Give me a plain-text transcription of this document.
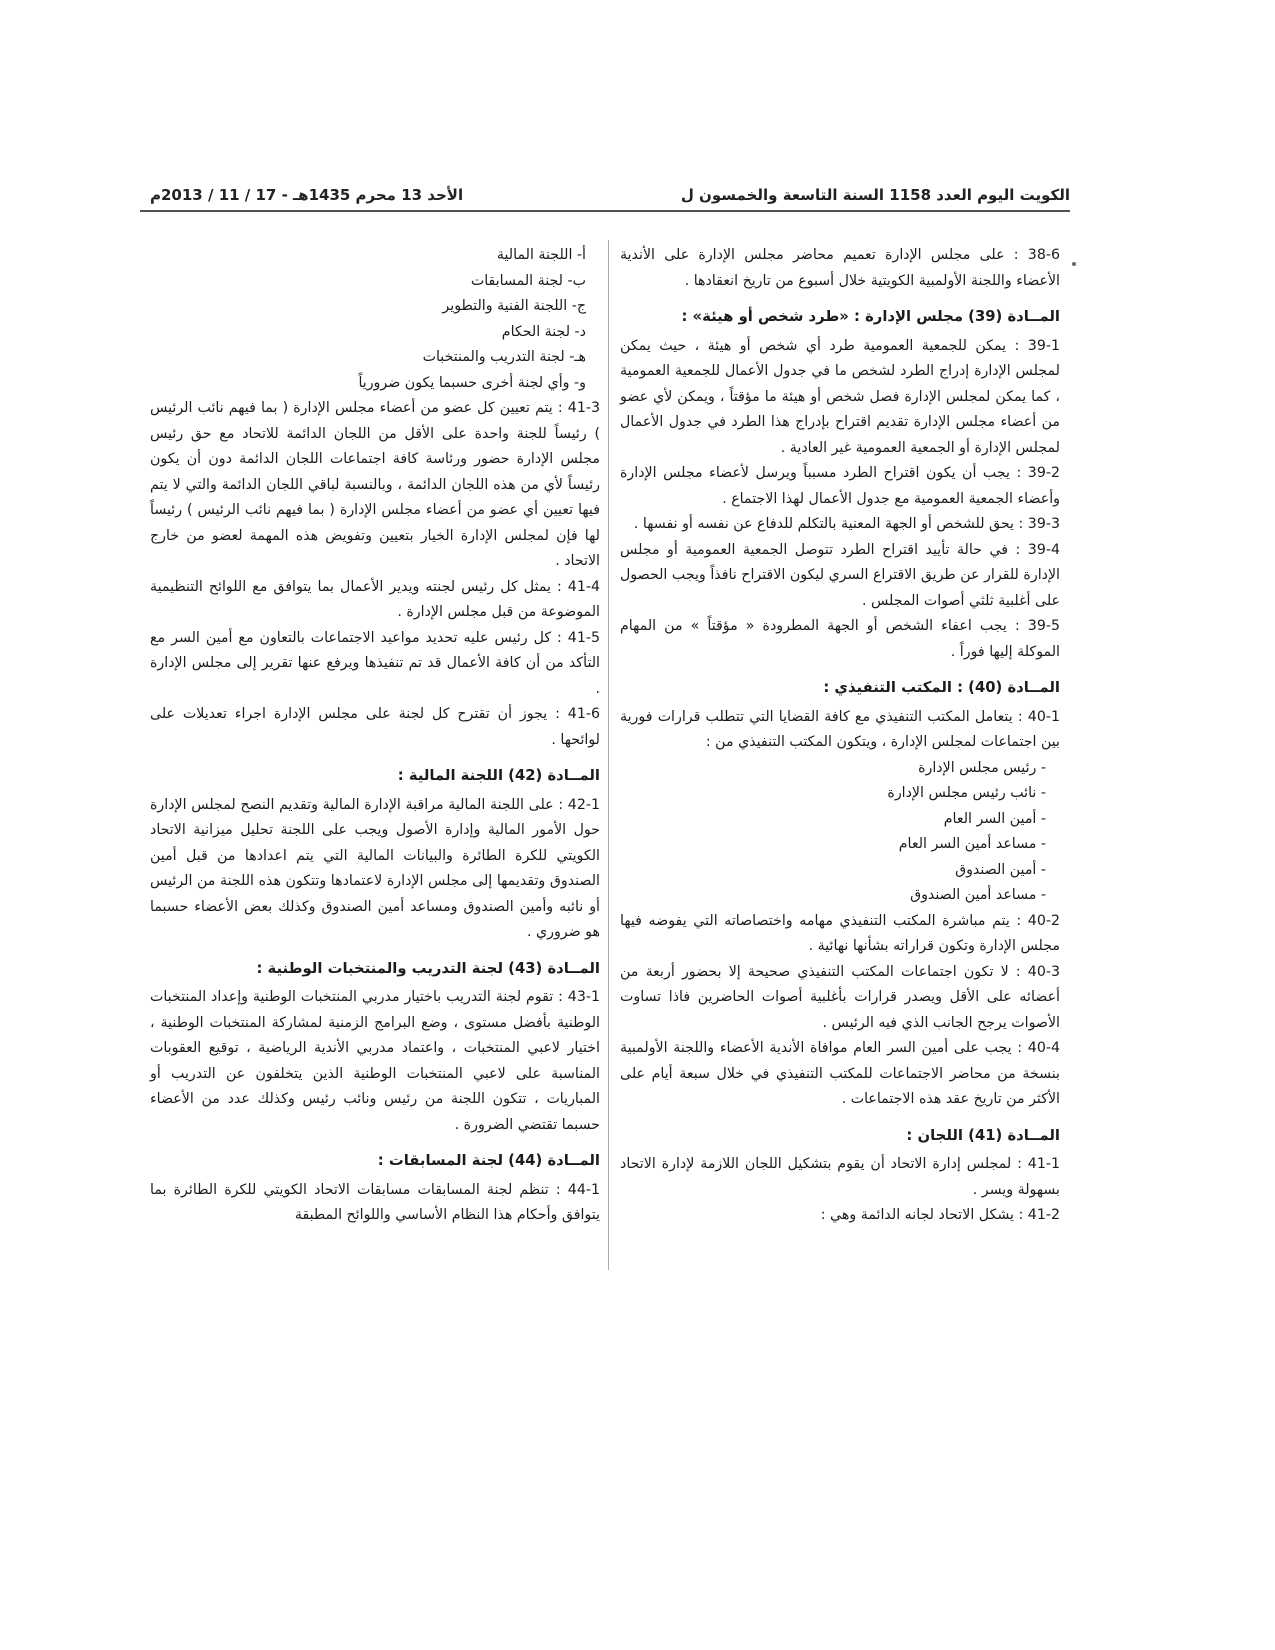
الكويت اليوم العدد 1158 السنة التاسعة والخمسون ل
الأحد 13 محرم 1435هـ - 17 / 11 / 2013م
38-6 : على مجلس الإدارة تعميم محاضر مجلس الإدارة على الأندية الأعضاء واللجنة الأولمبية الكويتية خلال أسبوع من تاريخ انعقادها .
المــادة (39) مجلس الإدارة : «طرد شخص أو هيئة» :
39-1 : يمكن للجمعية العمومية طرد أي شخص أو هيئة ، حيث يمكن لمجلس الإدارة إدراج الطرد لشخص ما في جدول الأعمال للجمعية العمومية ، كما يمكن لمجلس الإدارة فصل شخص أو هيئة ما مؤقتاً ، ويمكن لأي عضو من أعضاء مجلس الإدارة تقديم اقتراح بإدراج هذا الطرد في جدول الأعمال لمجلس الإدارة أو الجمعية العمومية غير العادية .
39-2 : يجب أن يكون اقتراح الطرد مسبباً ويرسل لأعضاء مجلس الإدارة وأعضاء الجمعية العمومية مع جدول الأعمال لهذا الاجتماع .
39-3 : يحق للشخص أو الجهة المعنية بالتكلم للدفاع عن نفسه أو نفسها .
39-4 : في حالة تأييد اقتراح الطرد تتوصل الجمعية العمومية أو مجلس الإدارة للقرار عن طريق الاقتراع السري ليكون الاقتراح نافذاً ويجب الحصول على أغلبية ثلثي أصوات المجلس .
39-5 : يجب اعفاء الشخص أو الجهة المطرودة « مؤقتاً » من المهام الموكلة إليها فوراً .
المــادة (40) : المكتب التنفيذي :
40-1 : يتعامل المكتب التنفيذي مع كافة القضايا التي تتطلب قرارات فورية بين اجتماعات لمجلس الإدارة ، ويتكون المكتب التنفيذي من :
- رئيس مجلس الإدارة
- نائب رئيس مجلس الإدارة
- أمين السر العام
- مساعد أمين السر العام
- أمين الصندوق
- مساعد أمين الصندوق
40-2 : يتم مباشرة المكتب التنفيذي مهامه واختصاصاته التي يفوضه فيها مجلس الإدارة وتكون قراراته بشأنها نهائية .
40-3 : لا تكون اجتماعات المكتب التنفيذي صحيحة إلا بحضور أربعة من أعضائه على الأقل ويصدر قرارات بأغلبية أصوات الحاضرين فاذا تساوت الأصوات يرجح الجانب الذي فيه الرئيس .
40-4 : يجب على أمين السر العام موافاة الأندية الأعضاء واللجنة الأولمبية بنسخة من محاضر الاجتماعات للمكتب التنفيذي في خلال سبعة أيام على الأكثر من تاريخ عقد هذه الاجتماعات .
المــادة (41) اللجان :
41-1 : لمجلس إدارة الاتحاد أن يقوم بتشكيل اللجان اللازمة لإدارة الاتحاد بسهولة ويسر .
41-2 : يشكل الاتحاد لجانه الدائمة وهي :
أ- اللجنة المالية
ب- لجنة المسابقات
ج- اللجنة الفنية والتطوير
د- لجنة الحكام
هـ- لجنة التدريب والمنتخبات
و- وأي لجنة أخرى حسبما يكون ضرورياً
41-3 : يتم تعيين كل عضو من أعضاء مجلس الإدارة ( بما فيهم نائب الرئيس ) رئيساً للجنة واحدة على الأقل من اللجان الدائمة للاتحاد مع حق رئيس مجلس الإدارة حضور ورئاسة كافة اجتماعات اللجان الدائمة دون أن يكون رئيساً لأي من هذه اللجان الدائمة ، وبالنسبة لباقي اللجان الدائمة والتي لا يتم فيها تعيين أي عضو من أعضاء مجلس الإدارة ( بما فيهم نائب الرئيس ) رئيساً لها فإن لمجلس الإدارة الخيار بتعيين وتفويض هذه المهمة لعضو من خارج الاتحاد .
41-4 : يمثل كل رئيس لجنته ويدير الأعمال بما يتوافق مع اللوائح التنظيمية الموضوعة من قبل مجلس الإدارة .
41-5 : كل رئيس عليه تحديد مواعيد الاجتماعات بالتعاون مع أمين السر مع التأكد من أن كافة الأعمال قد تم تنفيذها ويرفع عنها تقرير إلى مجلس الإدارة .
41-6 : يجوز أن تقترح كل لجنة على مجلس الإدارة اجراء تعديلات على لوائحها .
المــادة (42) اللجنة المالية :
42-1 : على اللجنة المالية مراقبة الإدارة المالية وتقديم النصح لمجلس الإدارة حول الأمور المالية وإدارة الأصول ويجب على اللجنة تحليل ميزانية الاتحاد الكويتي للكرة الطائرة والبيانات المالية التي يتم اعدادها من قبل أمين الصندوق وتقديمها إلى مجلس الإدارة لاعتمادها وتتكون هذه اللجنة من الرئيس أو نائبه وأمين الصندوق ومساعد أمين الصندوق وكذلك بعض الأعضاء حسبما هو ضروري .
المــادة (43) لجنة التدريب والمنتخبات الوطنية :
43-1 : تقوم لجنة التدريب باختيار مدربي المنتخبات الوطنية وإعداد المنتخبات الوطنية بأفضل مستوى ، وضع البرامج الزمنية لمشاركة المنتخبات الوطنية ، اختيار لاعبي المنتخبات ، واعتماد مدربي الأندية الرياضية ، توقيع العقوبات المناسبة على لاعبي المنتخبات الوطنية الذين يتخلفون عن التدريب أو المباريات ، تتكون اللجنة من رئيس ونائب رئيس وكذلك عدد من الأعضاء حسبما تقتضي الضرورة .
المــادة (44) لجنة المسابقات :
44-1 : تنظم لجنة المسابقات مسابقات الاتحاد الكويتي للكرة الطائرة بما يتوافق وأحكام هذا النظام الأساسي واللوائح المطبقة
